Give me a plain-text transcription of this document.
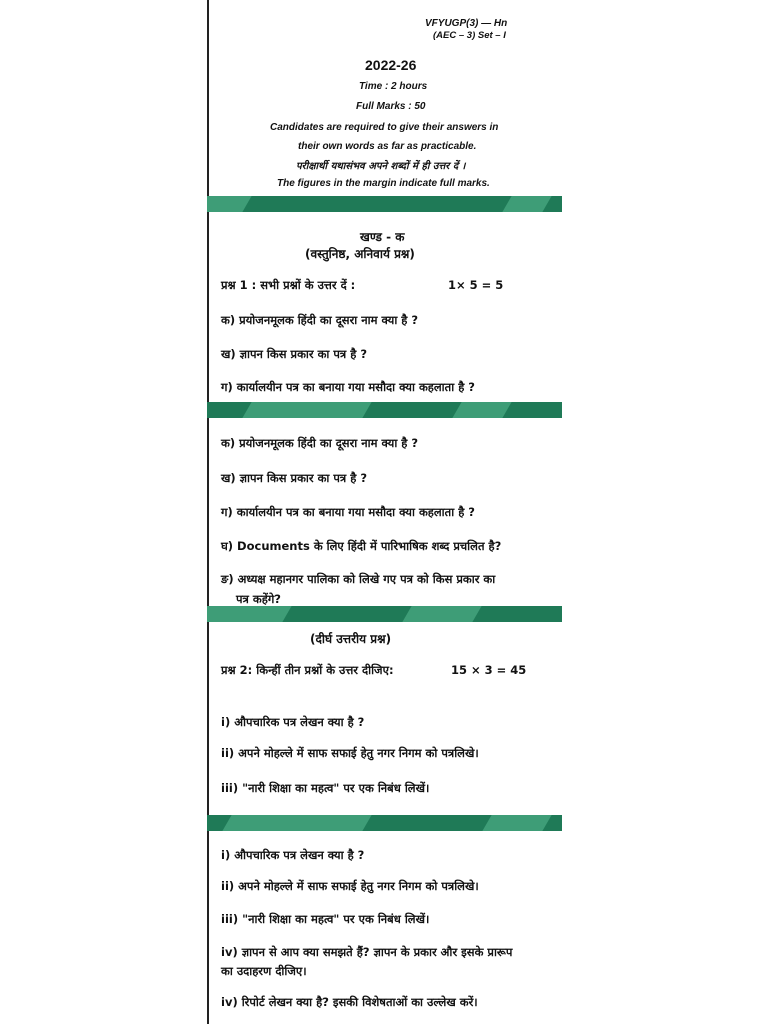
VFYUGP(3) — Hn
(AEC – 3) Set – I
2022-26
Time : 2 hours
Full Marks : 50
Candidates are required to give their answers in
their own words as far as practicable.
परीक्षार्थी यथासंभव अपने शब्दों में ही उत्तर दें ।
The figures in the margin indicate full marks.
खण्ड - क
(वस्तुनिष्ठ, अनिवार्य प्रश्न)
प्रश्न 1 : सभी प्रश्नों के उत्तर दें :	1× 5 = 5
क) प्रयोजनमूलक हिंदी का दूसरा नाम क्या है ?
ख) ज्ञापन किस प्रकार का पत्र है ?
ग) कार्यालयीन पत्र का बनाया गया मसौदा क्या कहलाता है ?
क) प्रयोजनमूलक हिंदी का दूसरा नाम क्या है ?
ख) ज्ञापन किस प्रकार का पत्र है ?
ग) कार्यालयीन पत्र का बनाया गया मसौदा क्या कहलाता है ?
घ) Documents के लिए हिंदी में पारिभाषिक शब्द प्रचलित है?
ङ) अध्यक्ष महानगर पालिका को लिखे गए पत्र को किस प्रकार का
पत्र कहेंगे?
(दीर्घ उत्तरीय प्रश्न)
प्रश्न 2: किन्हीं तीन प्रश्नों के उत्तर दीजिए:	15 × 3 = 45
i) औपचारिक पत्र लेखन क्या है ?
ii) अपने मोहल्ले में साफ सफाई हेतु नगर निगम को पत्रलिखे।
iii) "नारी शिक्षा का महत्व" पर एक निबंध लिखें।
i) औपचारिक पत्र लेखन क्या है ?
ii) अपने मोहल्ले में साफ सफाई हेतु नगर निगम को पत्रलिखे।
iii) "नारी शिक्षा का महत्व" पर एक निबंध लिखें।
iv) ज्ञापन से आप क्या समझते हैं? ज्ञापन के प्रकार और इसके प्रारूप
का उदाहरण दीजिए।
iv) रिपोर्ट लेखन क्या है? इसकी विशेषताओं का उल्लेख करें।
